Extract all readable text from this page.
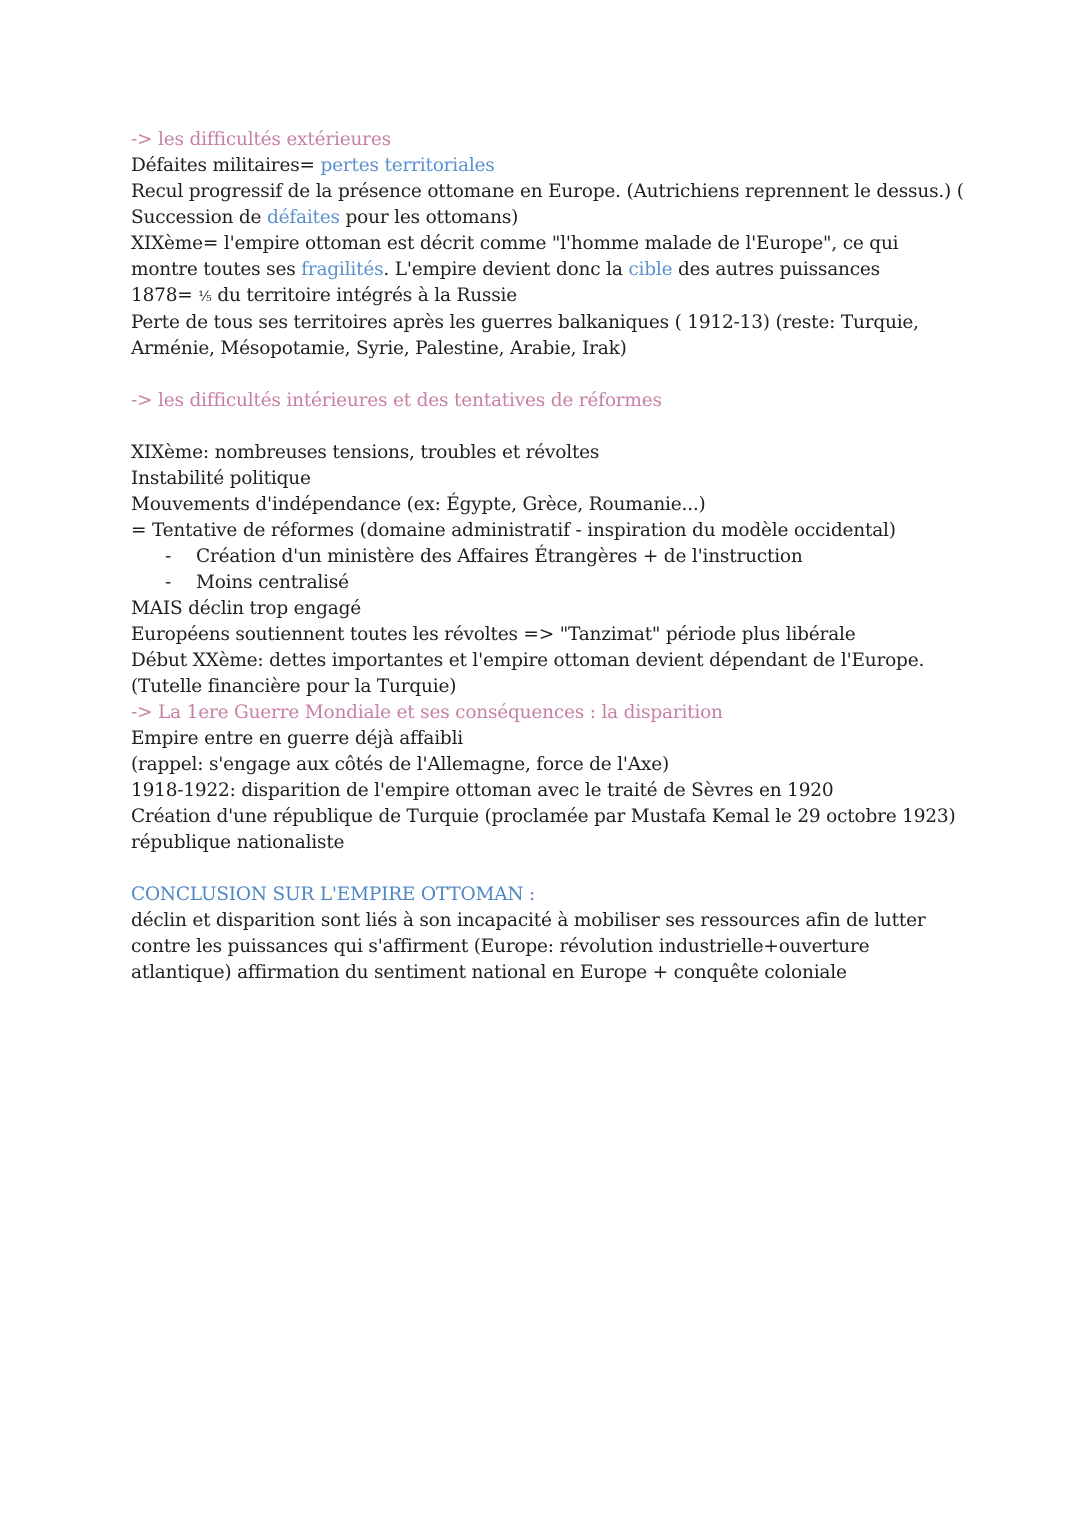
-> les difficultés extérieures
Défaites militaires= pertes territoriales
Recul progressif de la présence ottomane en Europe. (Autrichiens reprennent le dessus.) (
Succession de défaites pour les ottomans)
XIXème= l'empire ottoman est décrit comme "l'homme malade de l'Europe", ce qui
montre toutes ses fragilités. L'empire devient donc la cible des autres puissances
1878= ⅕ du territoire intégrés à la Russie
Perte de tous ses territoires après les guerres balkaniques ( 1912-13) (reste: Turquie,
Arménie, Mésopotamie, Syrie, Palestine, Arabie, Irak)
-> les difficultés intérieures et des tentatives de réformes
XIXème: nombreuses tensions, troubles et révoltes
Instabilité politique
Mouvements d'indépendance (ex: Égypte, Grèce, Roumanie...)
= Tentative de réformes (domaine administratif - inspiration du modèle occidental)
- Création d'un ministère des Affaires Étrangères + de l'instruction
- Moins centralisé
MAIS déclin trop engagé
Européens soutiennent toutes les révoltes => "Tanzimat" période plus libérale
Début XXème: dettes importantes et l'empire ottoman devient dépendant de l'Europe.
(Tutelle financière pour la Turquie)
-> La 1ere Guerre Mondiale et ses conséquences : la disparition
Empire entre en guerre déjà affaibli
(rappel: s'engage aux côtés de l'Allemagne, force de l'Axe)
1918-1922: disparition de l'empire ottoman avec le traité de Sèvres en 1920
Création d'une république de Turquie (proclamée par Mustafa Kemal le 29 octobre 1923)
république nationaliste
CONCLUSION SUR L'EMPIRE OTTOMAN :
déclin et disparition sont liés à son incapacité à mobiliser ses ressources afin de lutter
contre les puissances qui s'affirment (Europe: révolution industrielle+ouverture
atlantique) affirmation du sentiment national en Europe + conquête coloniale
